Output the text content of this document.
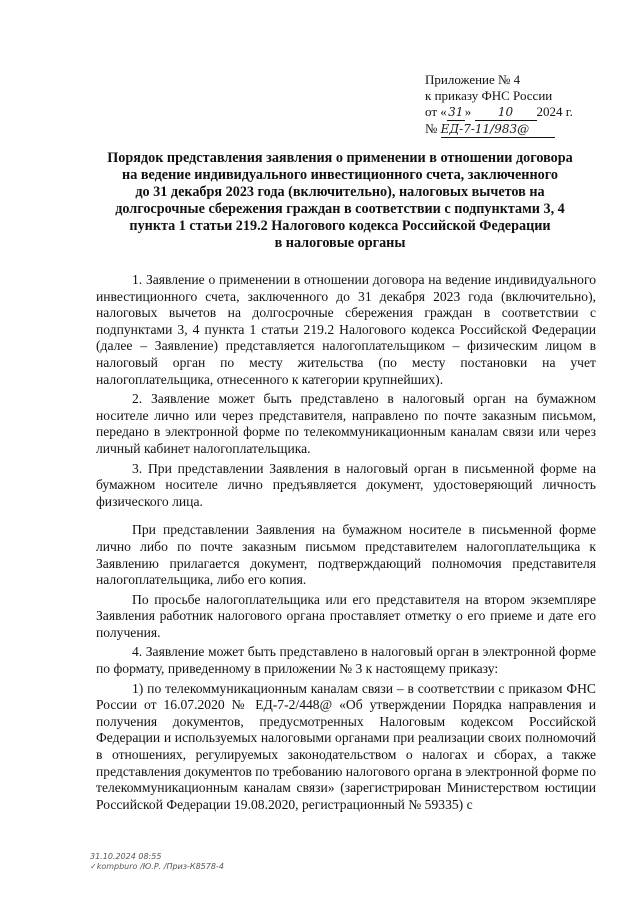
Приложение № 4
к приказу ФНС России
от «31» 10 2024 г.
№ ЕД-7-11/983@
Порядок представления заявления о применении в отношении договора
на ведение индивидуального инвестиционного счета, заключенного
до 31 декабря 2023 года (включительно), налоговых вычетов на
долгосрочные сбережения граждан в соответствии с подпунктами 3, 4
пункта 1 статьи 219.2 Налогового кодекса Российской Федерации
в налоговые органы

1. Заявление о применении в отношении договора на ведение индивидуального инвестиционного счета, заключенного до 31 декабря 2023 года (включительно), налоговых вычетов на долгосрочные сбережения граждан в соответствии с подпунктами 3, 4 пункта 1 статьи 219.2 Налогового кодекса Российской Федерации (далее – Заявление) представляется налогоплательщиком – физическим лицом в налоговый орган по месту жительства (по месту постановки на учет налогоплательщика, отнесенного к категории крупнейших).

2. Заявление может быть представлено в налоговый орган на бумажном носителе лично или через представителя, направлено по почте заказным письмом, передано в электронной форме по телекоммуникационным каналам связи или через личный кабинет налогоплательщика.

3. При представлении Заявления в налоговый орган в письменной форме на бумажном носителе лично предъявляется документ, удостоверяющий личность физического лица.

При представлении Заявления на бумажном носителе в письменной форме лично либо по почте заказным письмом представителем налогоплательщика к Заявлению прилагается документ, подтверждающий полномочия представителя налогоплательщика, либо его копия.

По просьбе налогоплательщика или его представителя на втором экземпляре Заявления работник налогового органа проставляет отметку о его приеме и дате его получения.

4. Заявление может быть представлено в налоговый орган в электронной форме по формату, приведенному в приложении № 3 к настоящему приказу:

1) по телекоммуникационным каналам связи – в соответствии с приказом ФНС России от 16.07.2020 № ЕД-7-2/448@ «Об утверждении Порядка направления и получения документов, предусмотренных Налоговым кодексом Российской Федерации и используемых налоговыми органами при реализации своих полномочий в отношениях, регулируемых законодательством о налогах и сборах, а также представления документов по требованию налогового органа в электронной форме по телекоммуникационным каналам связи» (зарегистрирован Министерством юстиции Российской Федерации 19.08.2020, регистрационный № 59335) с

31.10.2024 08:55
✓kompburo /Ю.Р. /Приз-К8578-4
